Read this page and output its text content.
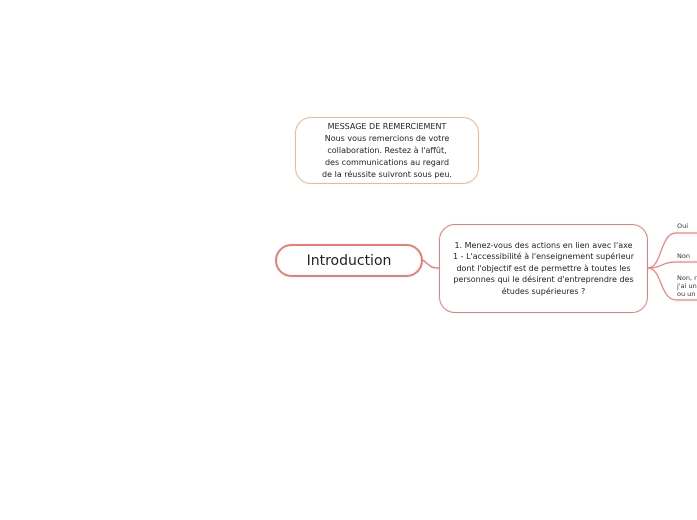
MESSAGE DE REMERCIEMENT
Nous vous remercions de votre
collaboration. Restez à l'affût,
des communications au regard
de la réussite suivront sous peu.
Introduction
1. Menez-vous des actions en lien avec l'axe 1 - L'accessibilité à l'enseignement supérieur dont l'objectif est de permettre à toutes les personnes qui le désirent d'entreprendre des études supérieures ?
Oui
Non
Non, r
j'ai un
ou un
